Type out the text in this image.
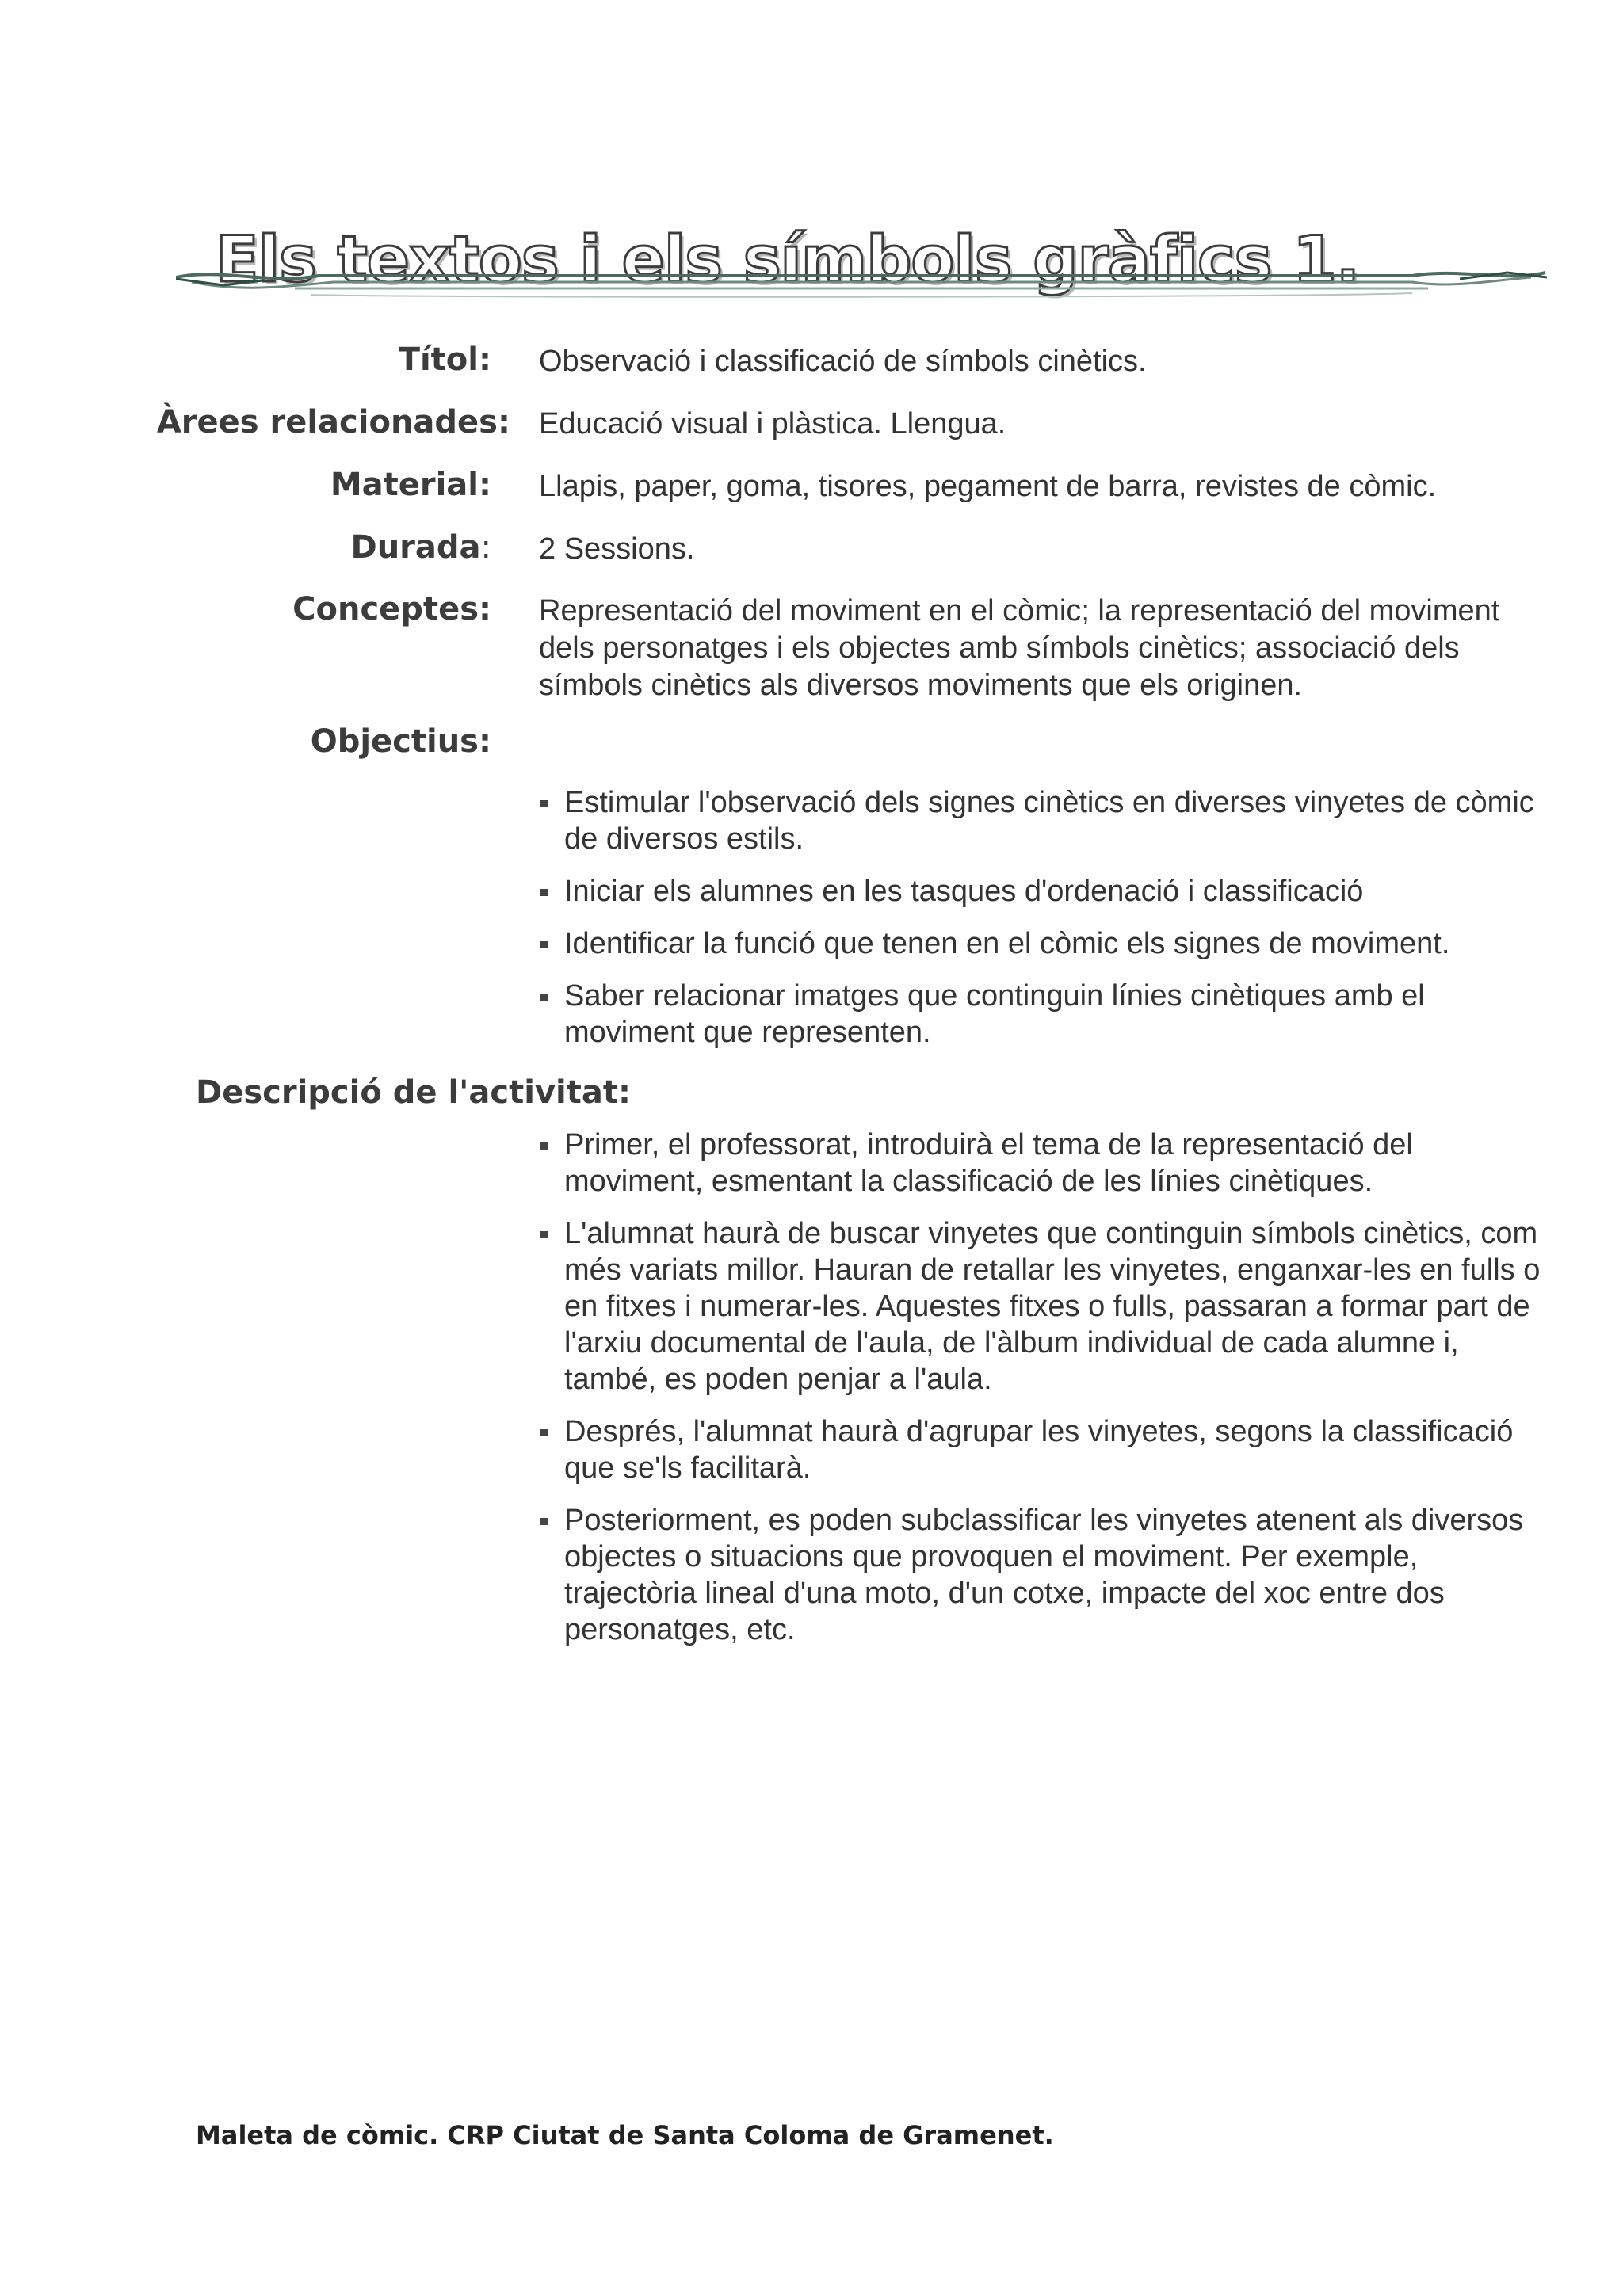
Els textos i els símbols gràfics 1.
Títol: Observació i classificació de símbols cinètics.
Àrees relacionades: Educació visual i plàstica. Llengua.
Material: Llapis, paper, goma, tisores, pegament de barra, revistes de còmic.
Durada: 2 Sessions.
Conceptes: Representació del moviment en el còmic; la representació del moviment dels personatges i els objectes amb símbols cinètics; associació dels símbols cinètics als diversos moviments que els originen.
Objectius:
Estimular l'observació dels signes cinètics en diverses vinyetes de còmic de diversos estils.
Iniciar els alumnes en les tasques d'ordenació i classificació
Identificar la funció que tenen en el còmic els signes de moviment.
Saber relacionar imatges que continguin línies cinètiques amb el moviment que representen.
Descripció de l'activitat:
Primer, el professorat, introduirà el tema de la representació del moviment, esmentant la classificació de les línies cinètiques.
L'alumnat haurà de buscar vinyetes que continguin símbols cinètics, com més variats millor. Hauran de retallar les vinyetes, enganxar-les en fulls o en fitxes i numerar-les. Aquestes fitxes o fulls, passaran a formar part de l'arxiu documental de l'aula, de l'àlbum individual de cada alumne i, també, es poden penjar a l'aula.
Després, l'alumnat haurà d'agrupar les vinyetes, segons la classificació que se'ls facilitarà.
Posteriorment, es poden subclassificar les vinyetes atenent als diversos objectes o situacions que provoquen el moviment. Per exemple, trajectòria lineal d'una moto, d'un cotxe, impacte del xoc entre dos personatges, etc.
Maleta de còmic. CRP Ciutat de Santa Coloma de Gramenet.
